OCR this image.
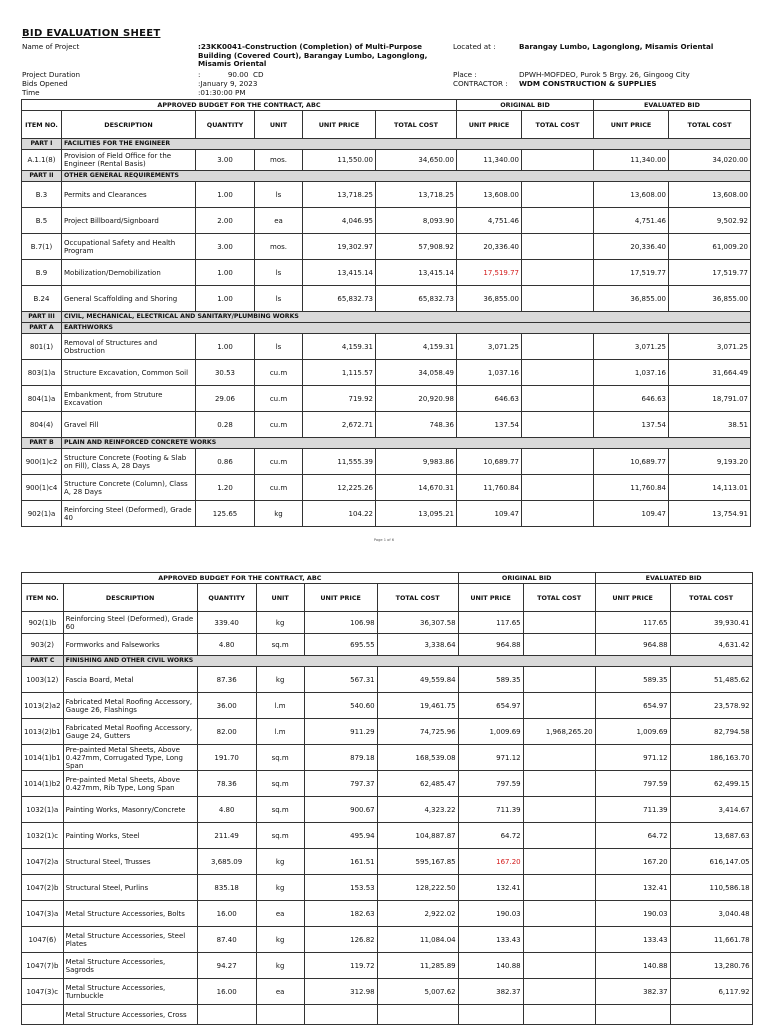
BID EVALUATION SHEET
Name of Project	:23KK0041-Construction (Completion) of Multi-Purpose Building (Covered Court), Barangay Lumbo, Lagonglong, Misamis Oriental
Located at :	Barangay Lumbo, Lagonglong, Misamis Oriental
Project Duration	:            90.00  CD
Bids Opened	:January 9, 2023
Time	:01:30:00 PM
Place :	DPWH-MOFDEO, Purok 5 Brgy. 26, Gingoog City
CONTRACTOR : WDM CONSTRUCTION & SUPPLIES
APPROVED BUDGET FOR THE CONTRACT, ABC						ORIGINAL BID		EVALUATED BID	
ITEM NO.	DESCRIPTION	QUANTITY	UNIT	UNIT PRICE	TOTAL COST	UNIT PRICE	TOTAL COST	UNIT PRICE	TOTAL COST
PART I	FACILITIES FOR THE ENGINEER								
A.1.1(8)	Provision of Field Office for the Engineer (Rental Basis)	3.00	mos.	11,550.00	34,650.00	11,340.00		11,340.00	34,020.00
PART II	OTHER GENERAL REQUIREMENTS								
B.3	Permits and Clearances	1.00	ls	13,718.25	13,718.25	13,608.00		13,608.00	13,608.00
B.5	Project Billboard/Signboard	2.00	ea	4,046.95	8,093.90	4,751.46		4,751.46	9,502.92
B.7(1)	Occupational Safety and Health Program	3.00	mos.	19,302.97	57,908.92	20,336.40		20,336.40	61,009.20
B.9	Mobilization/Demobilization	1.00	ls	13,415.14	13,415.14	17,519.77		17,519.77	17,519.77
B.24	General Scaffolding and Shoring	1.00	ls	65,832.73	65,832.73	36,855.00		36,855.00	36,855.00
PART III	CIVIL, MECHANICAL, ELECTRICAL AND SANITARY/PLUMBING WORKS								
PART A	EARTHWORKS								
801(1)	Removal of Structures and Obstruction	1.00	ls	4,159.31	4,159.31	3,071.25		3,071.25	3,071.25
803(1)a	Structure Excavation, Common Soil	30.53	cu.m	1,115.57	34,058.49	1,037.16		1,037.16	31,664.49
804(1)a	Embankment, from Struture Excavation	29.06	cu.m	719.92	20,920.98	646.63		646.63	18,791.07
804(4)	Gravel Fill	0.28	cu.m	2,672.71	748.36	137.54		137.54	38.51
PART B	PLAIN AND REINFORCED CONCRETE WORKS								
900(1)c2	Structure Concrete (Footing & Slab on Fill), Class A, 28 Days	0.86	cu.m	11,555.39	9,983.86	10,689.77		10,689.77	9,193.20
900(1)c4	Structure Concrete (Column), Class A, 28 Days	1.20	cu.m	12,225.26	14,670.31	11,760.84		11,760.84	14,113.01
902(1)a	Reinforcing Steel (Deformed), Grade 40	125.65	kg	104.22	13,095.21	109.47		109.47	13,754.91
Page 1 of 6
APPROVED BUDGET FOR THE CONTRACT, ABC						ORIGINAL BID		EVALUATED BID	
ITEM NO.	DESCRIPTION	QUANTITY	UNIT	UNIT PRICE	TOTAL COST	UNIT PRICE	TOTAL COST	UNIT PRICE	TOTAL COST
902(1)b	Reinforcing Steel (Deformed), Grade 60	339.40	kg	106.98	36,307.58	117.65		117.65	39,930.41
903(2)	Formworks and Falseworks	4.80	sq.m	695.55	3,338.64	964.88		964.88	4,631.42
PART C	FINISHING AND OTHER CIVIL WORKS								
1003(12)	Fascia Board, Metal	87.36	kg	567.31	49,559.84	589.35		589.35	51,485.62
1013(2)a2	Fabricated Metal Roofing Accessory, Gauge 26, Flashings	36.00	l.m	540.60	19,461.75	654.97		654.97	23,578.92
1013(2)b1	Fabricated Metal Roofing Accessory, Gauge 24, Gutters	82.00	l.m	911.29	74,725.96	1,009.69	1,968,265.20	1,009.69	82,794.58
1014(1)b1	Pre-painted Metal Sheets, Above 0.427mm, Corrugated Type, Long Span	191.70	sq.m	879.18	168,539.08	971.12		971.12	186,163.70
1014(1)b2	Pre-painted Metal Sheets, Above 0.427mm, Rib Type, Long Span	78.36	sq.m	797.37	62,485.47	797.59		797.59	62,499.15
1032(1)a	Painting Works, Masonry/Concrete	4.80	sq.m	900.67	4,323.22	711.39		711.39	3,414.67
1032(1)c	Painting Works, Steel	211.49	sq.m	495.94	104,887.87	64.72		64.72	13,687.63
1047(2)a	Structural Steel, Trusses	3,685.09	kg	161.51	595,167.85	167.20		167.20	616,147.05
1047(2)b	Structural Steel, Purlins	835.18	kg	153.53	128,222.50	132.41		132.41	110,586.18
1047(3)a	Metal Structure Accessories, Bolts	16.00	ea	182.63	2,922.02	190.03		190.03	3,040.48
1047(6)	Metal Structure Accessories, Steel Plates	87.40	kg	126.82	11,084.04	133.43		133.43	11,661.78
1047(7)b	Metal Structure Accessories, Sagrods	94.27	kg	119.72	11,285.89	140.88		140.88	13,280.76
1047(3)c	Metal Structure Accessories, Turnbuckle	16.00	ea	312.98	5,007.62	382.37		382.37	6,117.92
	Metal Structure Accessories, Cross								
